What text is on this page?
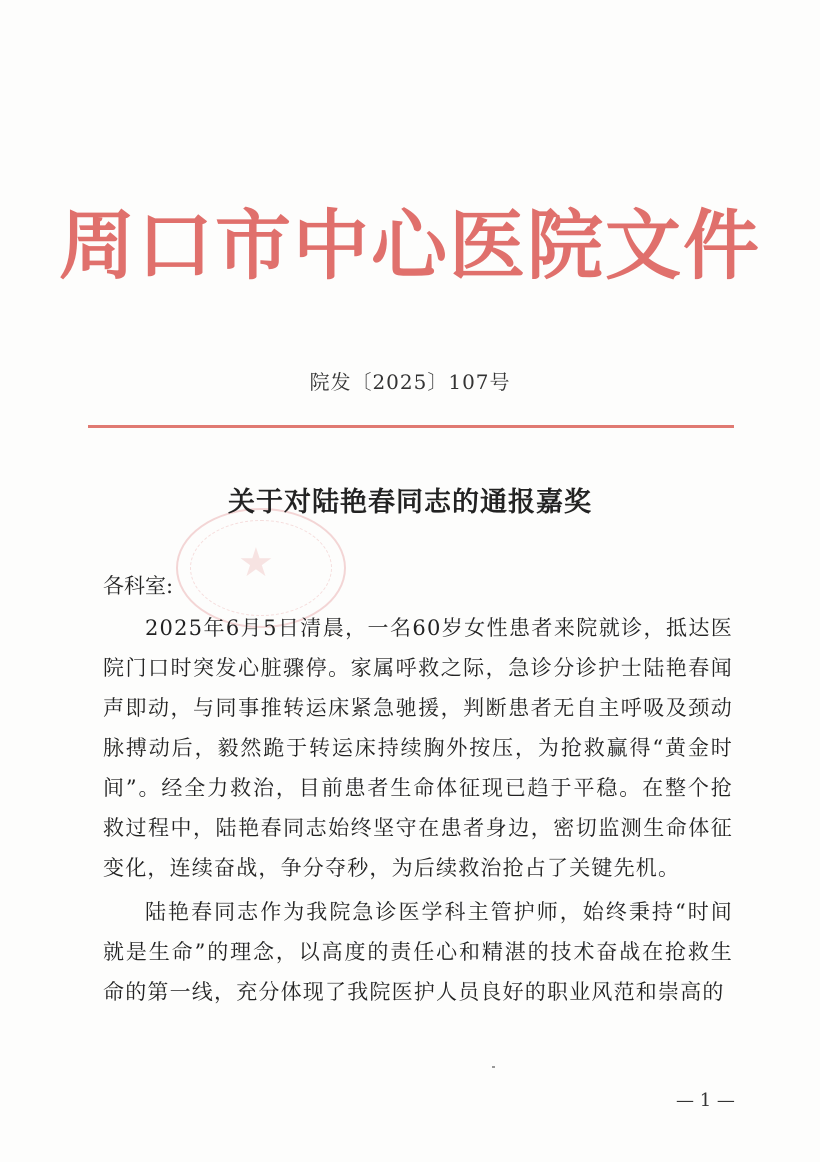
周口市中心医院文件
院发〔2025〕107号
★
关于对陆艳春同志的通报嘉奖
各科室:

2025年6月5日清晨，一名60岁女性患者来院就诊，抵达医院门口时突发心脏骤停。家属呼救之际，急诊分诊护士陆艳春闻声即动，与同事推转运床紧急驰援，判断患者无自主呼吸及颈动脉搏动后，毅然跪于转运床持续胸外按压，为抢救赢得“黄金时间”。经全力救治，目前患者生命体征现已趋于平稳。在整个抢救过程中，陆艳春同志始终坚守在患者身边，密切监测生命体征变化，连续奋战，争分夺秒，为后续救治抢占了关键先机。

陆艳春同志作为我院急诊医学科主管护师，始终秉持“时间就是生命”的理念，以高度的责任心和精湛的技术奋战在抢救生命的第一线，充分体现了我院医护人员良好的职业风范和崇高的

— 1 —
